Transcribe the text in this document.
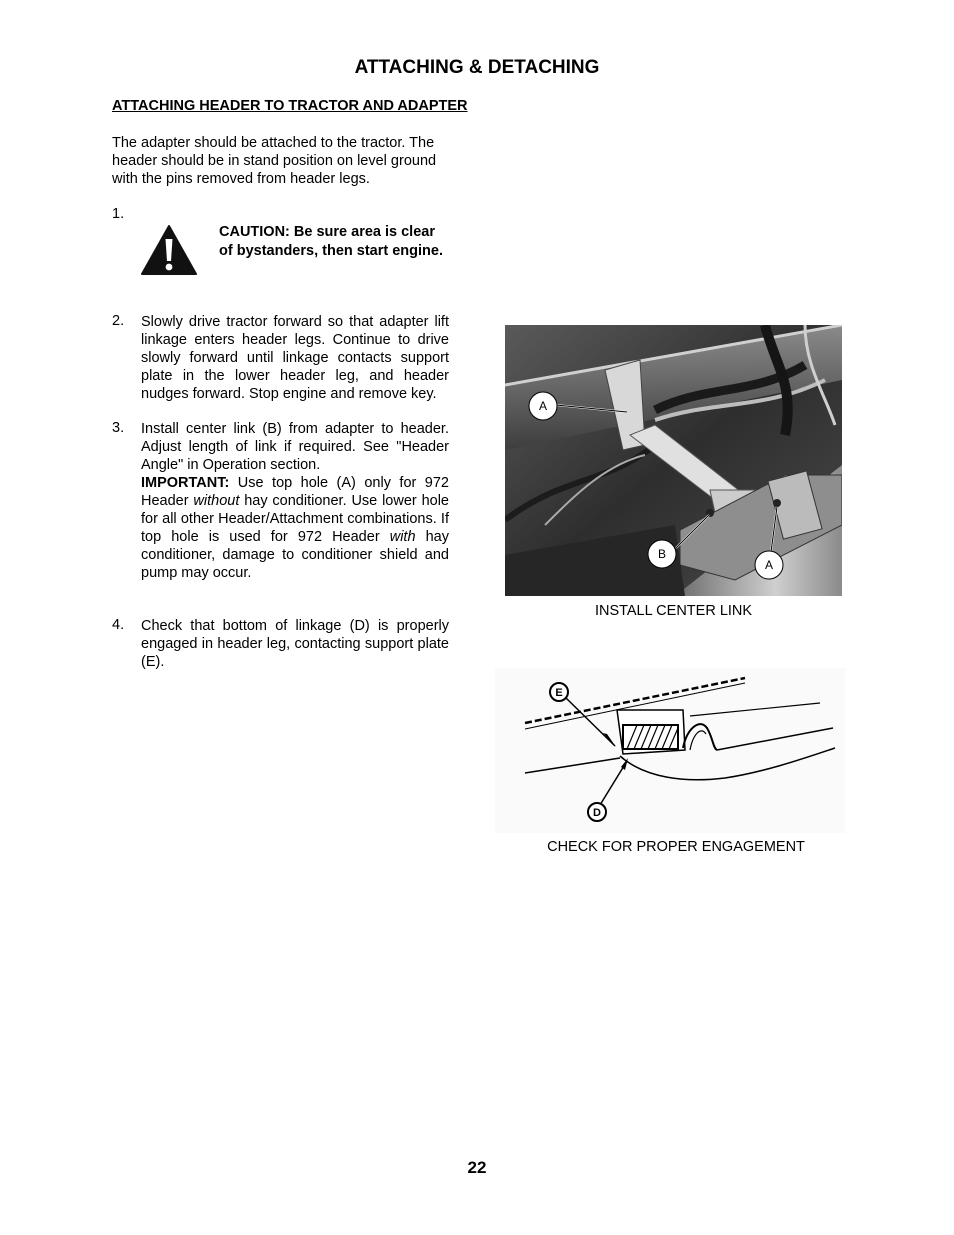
ATTACHING & DETACHING
ATTACHING HEADER TO TRACTOR AND ADAPTER
The adapter should be attached to the tractor. The header should be in stand position on level ground with the pins removed from header legs.
1.
CAUTION: Be sure area is clear
of bystanders, then start engine.
2. Slowly drive tractor forward so that adapter lift linkage enters header legs. Continue to drive slowly forward until linkage contacts support plate in the lower header leg, and header nudges forward. Stop engine and remove key.
3. Install center link (B) from adapter to header. Adjust length of link if required. See "Header Angle" in Operation section.
IMPORTANT: Use top hole (A) only for 972 Header without hay conditioner. Use lower hole for all other Header/Attachment combinations. If top hole is used for 972 Header with hay conditioner, damage to conditioner shield and pump may occur.
4. Check that bottom of linkage (D) is properly engaged in header leg, contacting support plate (E).
A
B
A
INSTALL CENTER LINK
E
D
CHECK FOR PROPER ENGAGEMENT
22
